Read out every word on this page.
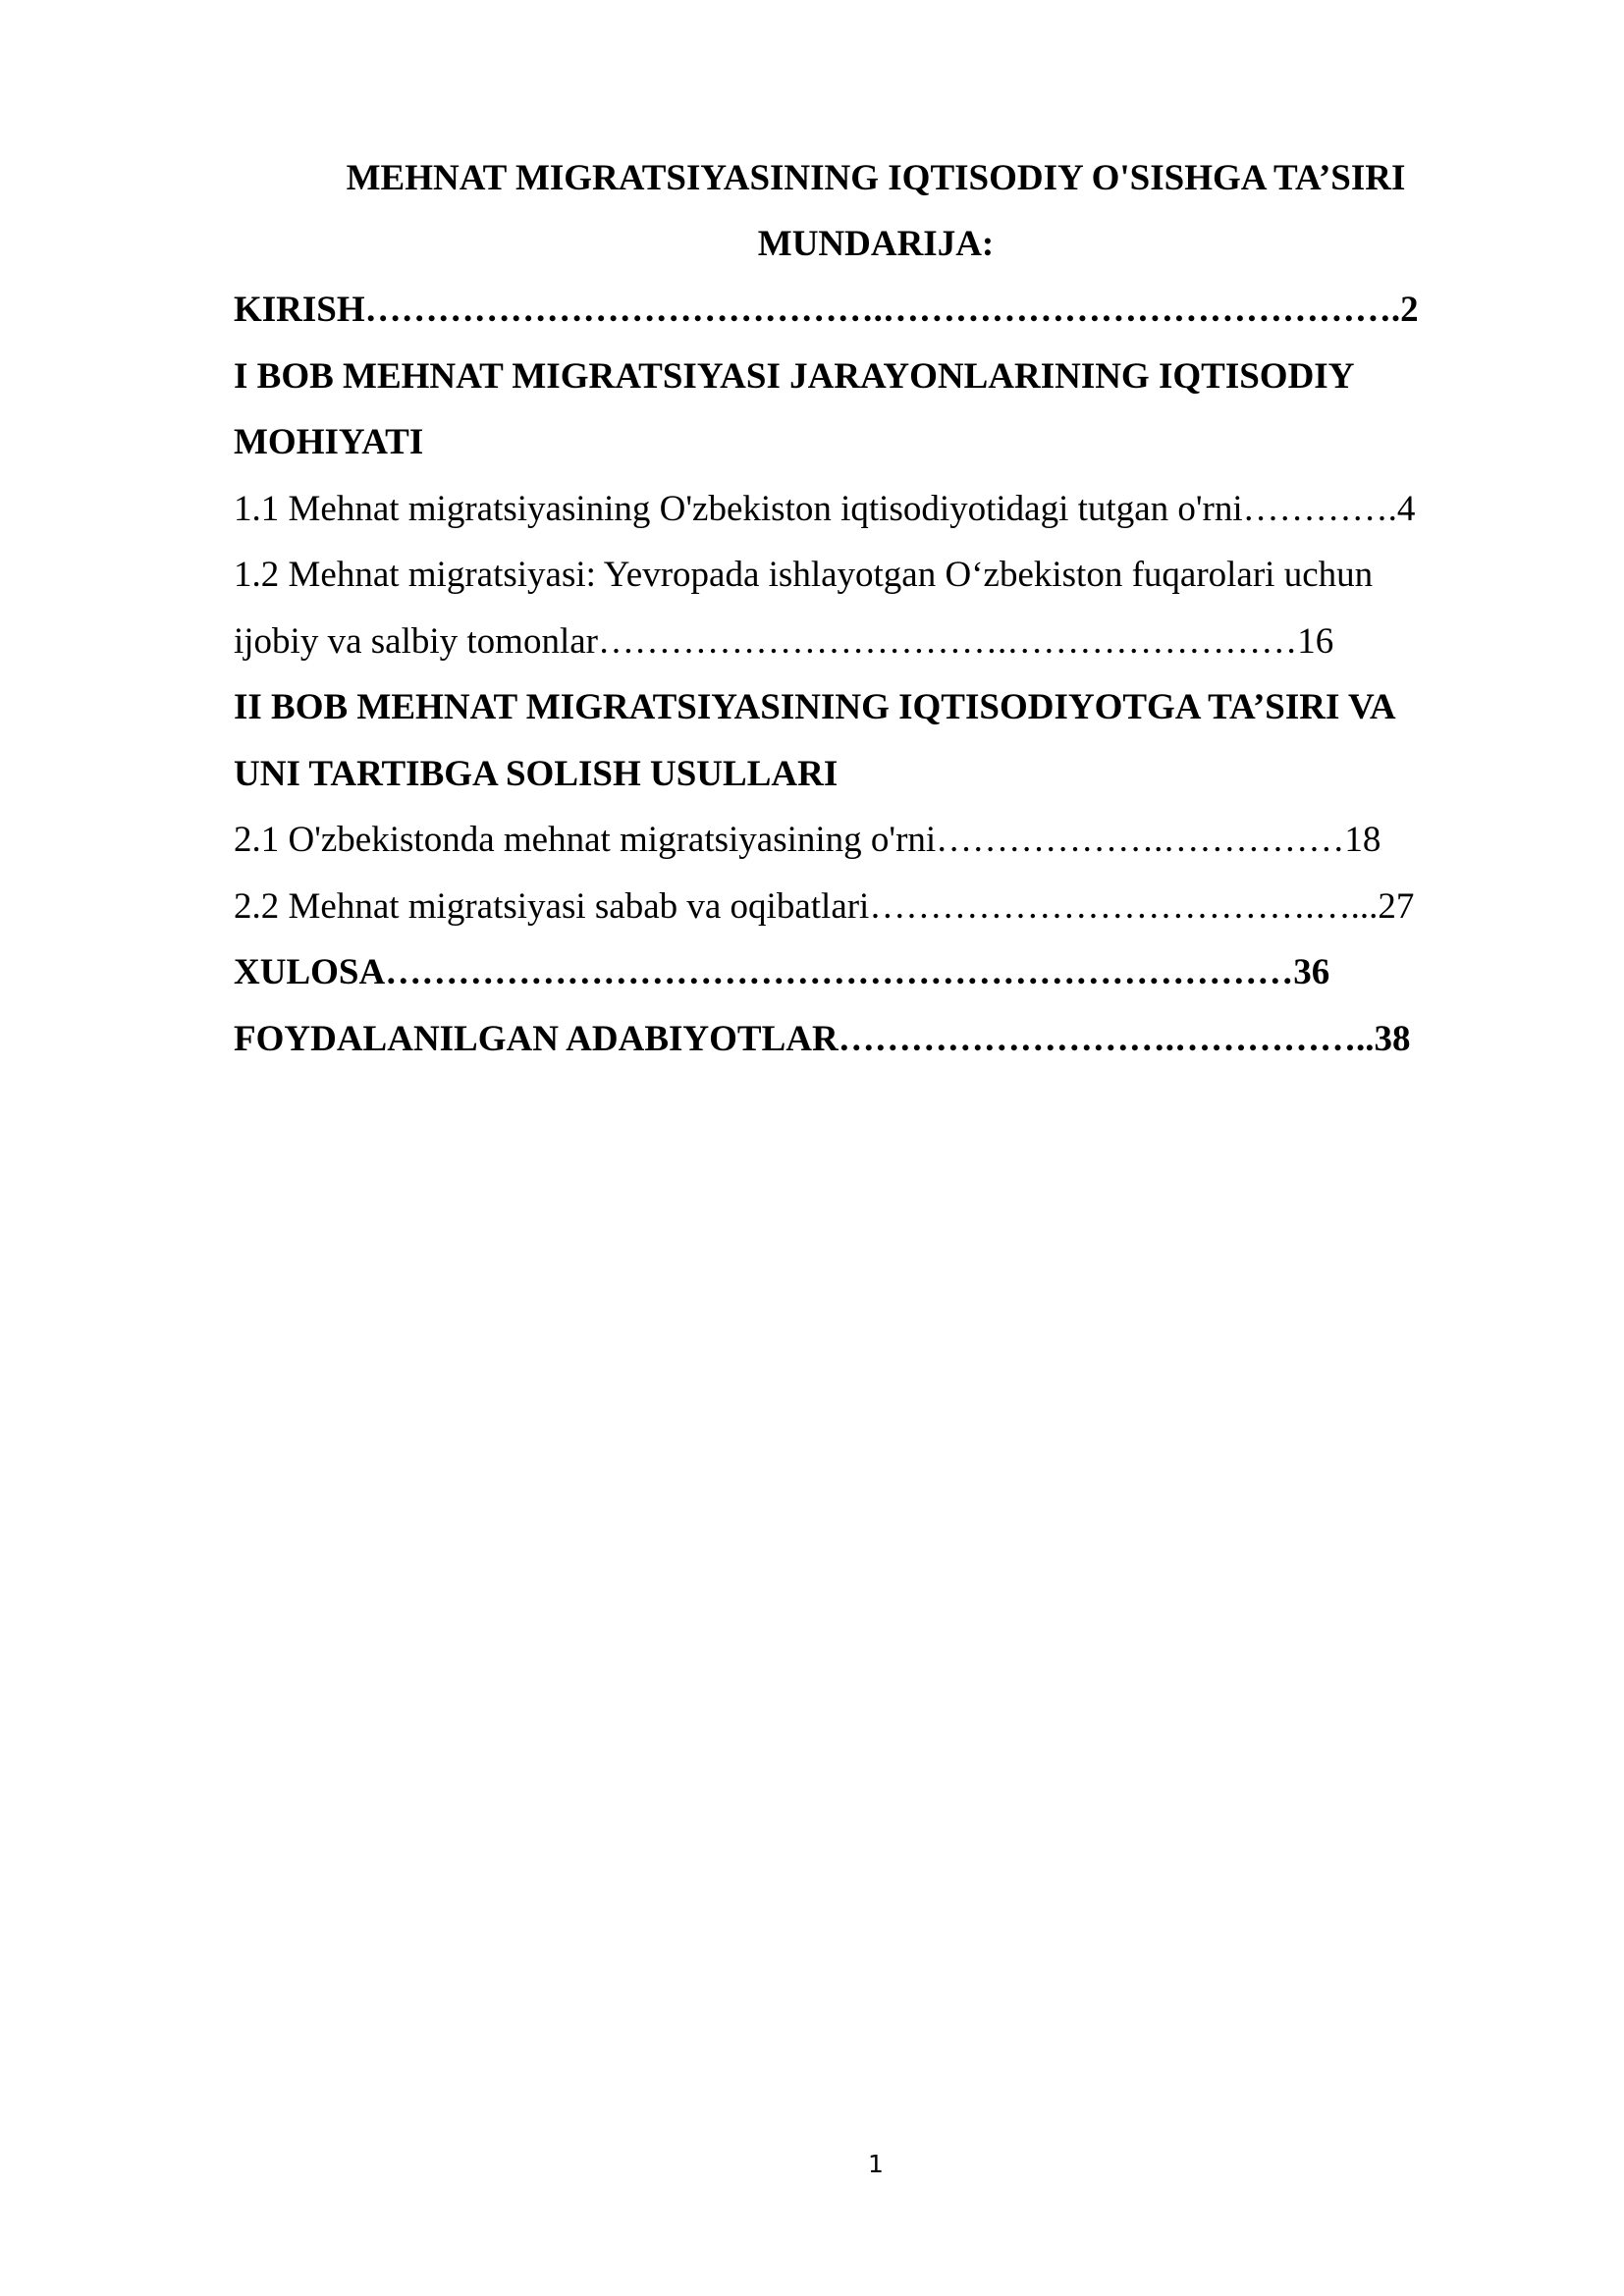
MEHNAT MIGRATSIYASINING IQTISODIY O'SISHGA TA’SIRI
MUNDARIJA:
KIRISH…………………………………….…………………………………….2
I BOB MEHNAT MIGRATSIYASI JARAYONLARINING IQTISODIY
MOHIYATI
1.1 Mehnat migratsiyasining O'zbekiston iqtisodiyotidagi tutgan o'rni………….4
1.2 Mehnat migratsiyasi: Yevropada ishlayotgan O‘zbekiston fuqarolari uchun
ijobiy va salbiy tomonlar…………………………….……………………16
II BOB MEHNAT MIGRATSIYASINING IQTISODIYOTGA TA’SIRI VA
UNI TARTIBGA SOLISH USULLARI
2.1 O'zbekistonda mehnat migratsiyasining o'rni……………….……………18
2.2 Mehnat migratsiyasi sabab va oqibatlari……………………………….…...27
XULOSA…………………………………………………………………36
FOYDALANILGAN ADABIYOTLAR……………………….……………..38
1
